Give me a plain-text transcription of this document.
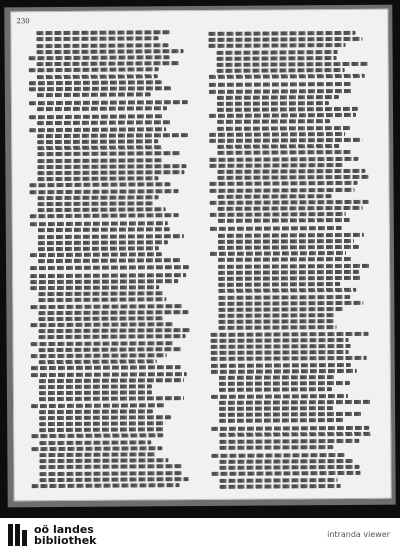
230
oö landes
bibliothek	intranda viewer
